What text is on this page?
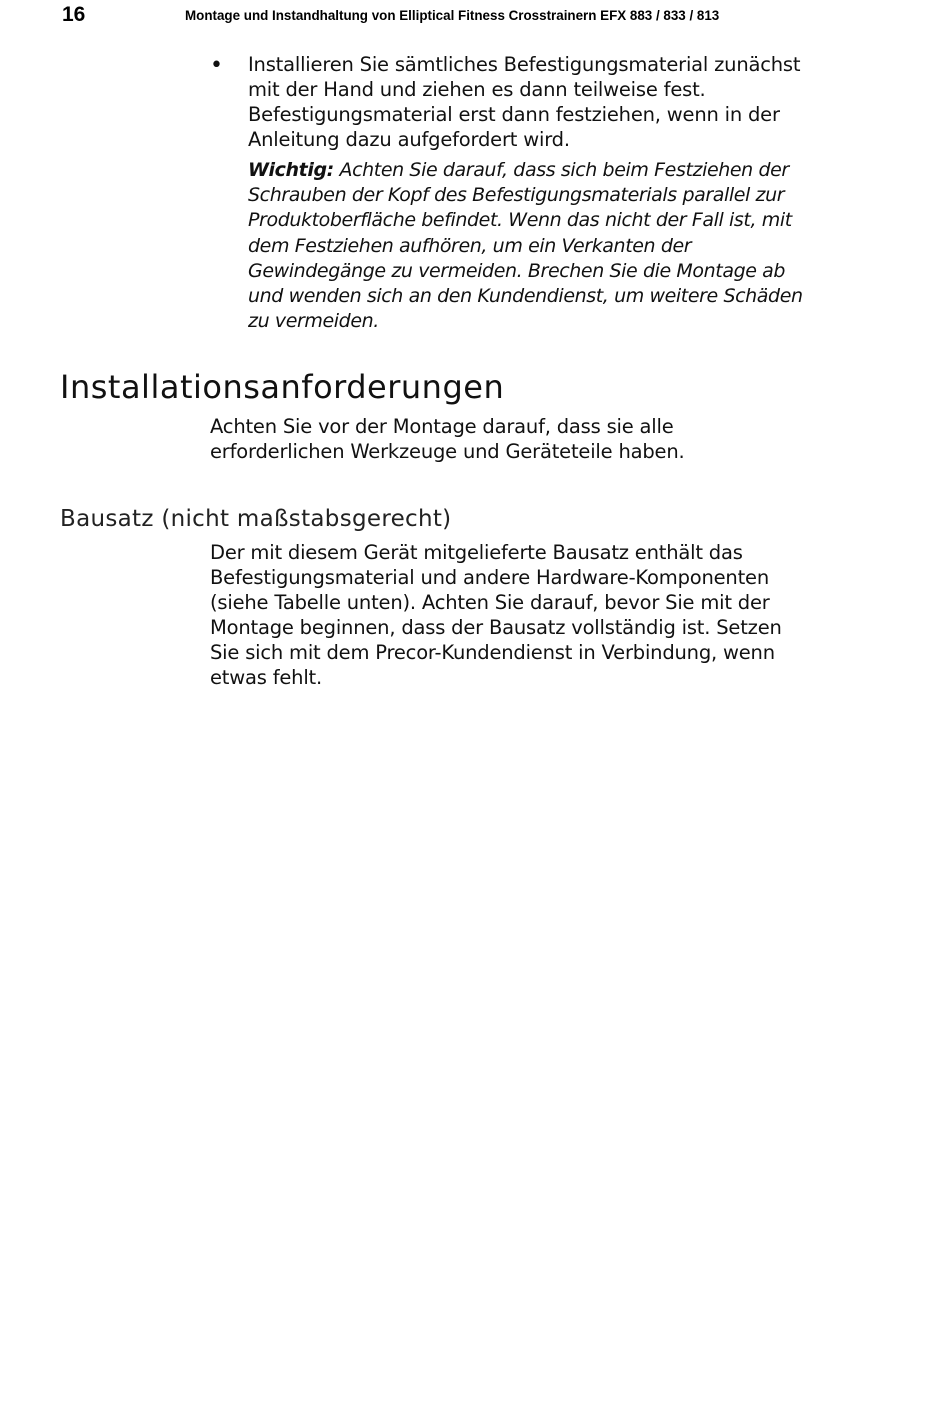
16	Montage und Instandhaltung von Elliptical Fitness Crosstrainern EFX 883 / 833 / 813
• Installieren Sie sämtliches Befestigungsmaterial zunächst mit der Hand und ziehen es dann teilweise fest.

Befestigungsmaterial erst dann festziehen, wenn in der Anleitung dazu aufgefordert wird.

Wichtig: Achten Sie darauf, dass sich beim Festziehen der Schrauben der Kopf des Befestigungsmaterials parallel zur Produktoberfläche befindet. Wenn das nicht der Fall ist, mit dem Festziehen aufhören, um ein Verkanten der Gewindegänge zu vermeiden. Brechen Sie die Montage ab und wenden sich an den Kundendienst, um weitere Schäden zu vermeiden.
Installationsanforderungen

Achten Sie vor der Montage darauf, dass sie alle erforderlichen Werkzeuge und Geräteteile haben.

Bausatz (nicht maßstabsgerecht)

Der mit diesem Gerät mitgelieferte Bausatz enthält das Befestigungsmaterial und andere Hardware-Komponenten (siehe Tabelle unten). Achten Sie darauf, bevor Sie mit der Montage beginnen, dass der Bausatz vollständig ist. Setzen Sie sich mit dem Precor-Kundendienst in Verbindung, wenn etwas fehlt.
